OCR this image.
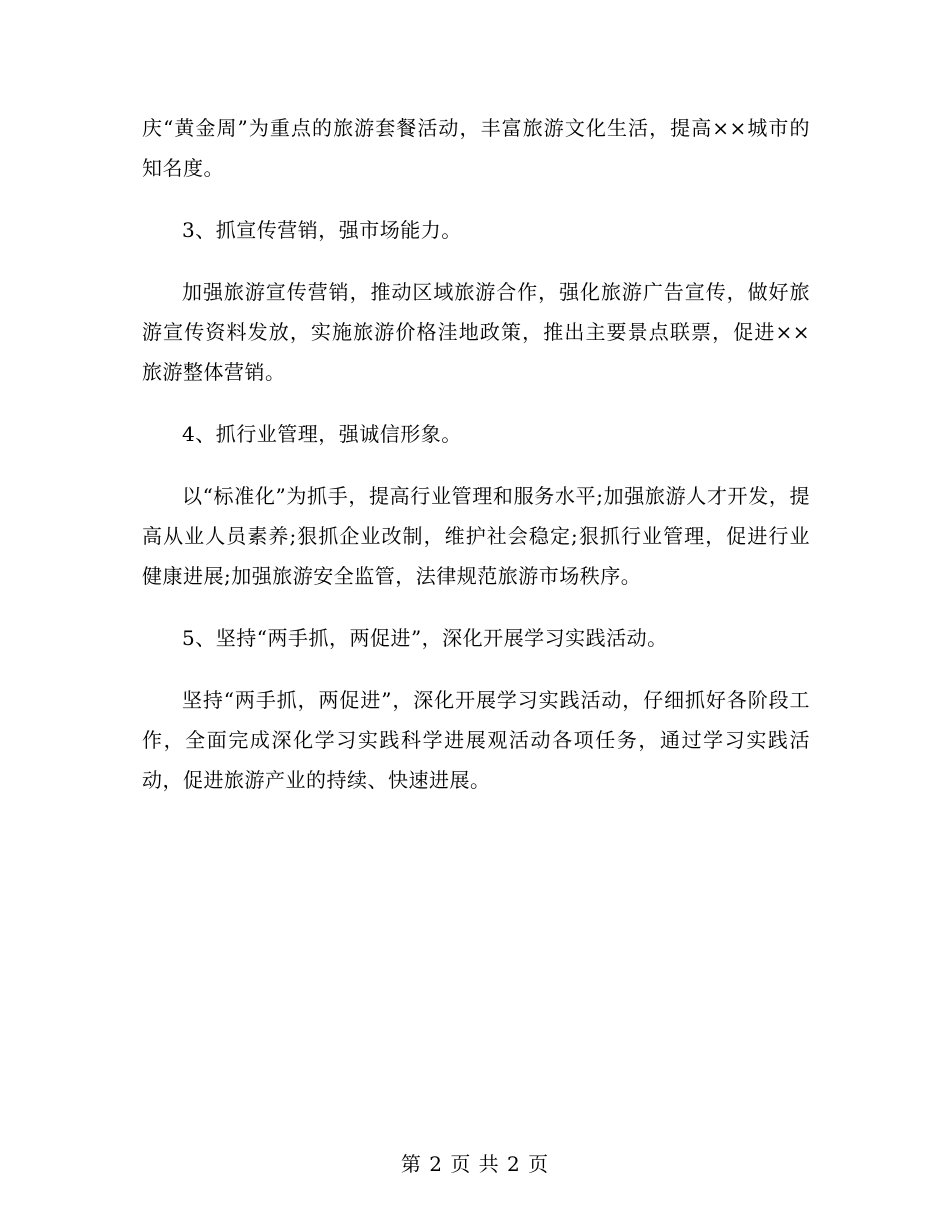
庆“黄金周”为重点的旅游套餐活动，丰富旅游文化生活，提高××城市的知名度。

3、抓宣传营销，强市场能力。

加强旅游宣传营销，推动区域旅游合作，强化旅游广告宣传，做好旅游宣传资料发放，实施旅游价格洼地政策，推出主要景点联票，促进××旅游整体营销。

4、抓行业管理，强诚信形象。

以“标准化”为抓手，提高行业管理和服务水平;加强旅游人才开发，提高从业人员素养;狠抓企业改制，维护社会稳定;狠抓行业管理，促进行业健康进展;加强旅游安全监管，法律规范旅游市场秩序。

5、坚持“两手抓，两促进”，深化开展学习实践活动。

坚持“两手抓，两促进”，深化开展学习实践活动，仔细抓好各阶段工作，全面完成深化学习实践科学进展观活动各项任务，通过学习实践活动，促进旅游产业的持续、快速进展。

第 2 页 共 2 页
